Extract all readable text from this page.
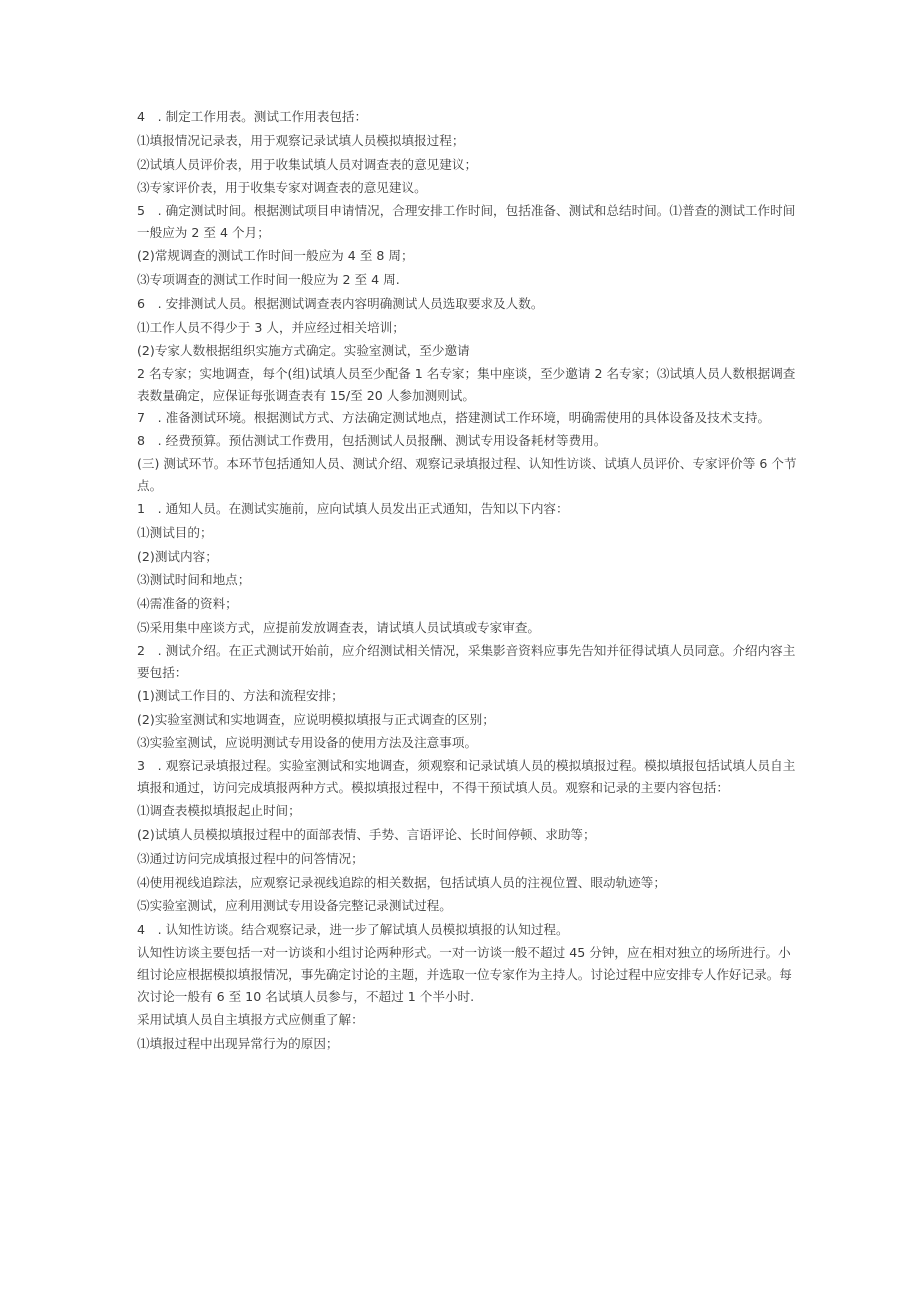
4　. 制定工作用表。测试工作用表包括：

⑴填报情况记录表，用于观察记录试填人员模拟填报过程；

⑵试填人员评价表，用于收集试填人员对调查表的意见建议；

⑶专家评价表，用于收集专家对调查表的意见建议。

5　. 确定测试时间。根据测试项目申请情况，合理安排工作时间，包括准备、测试和总结时间。⑴普查的测试工作时间一般应为 2 至 4 个月；

(2)常规调查的测试工作时间一般应为 4 至 8 周；

⑶专项调查的测试工作时间一般应为 2 至 4 周.

6　. 安排测试人员。根据测试调查表内容明确测试人员选取要求及人数。

⑴工作人员不得少于 3 人，并应经过相关培训；

(2)专家人数根据组织实施方式确定。实验室测试，至少邀请

2 名专家；实地调查，每个(组)试填人员至少配备 1 名专家；集中座谈，至少邀请 2 名专家；⑶试填人员人数根据调查表数量确定，应保证每张调查表有 15/至 20 人参加测则试。

7　. 准备测试环境。根据测试方式、方法确定测试地点，搭建测试工作环境，明确需使用的具体设备及技术支持。

8　. 经费预算。预估测试工作费用，包括测试人员报酬、测试专用设备耗材等费用。

(三) 测试环节。本环节包括通知人员、测试介绍、观察记录填报过程、认知性访谈、试填人员评价、专家评价等 6 个节点。

1　. 通知人员。在测试实施前，应向试填人员发出正式通知，告知以下内容：

⑴测试目的；

(2)测试内容；

⑶测试时间和地点；

⑷需准备的资料；

⑸采用集中座谈方式，应提前发放调查表，请试填人员试填或专家审查。

2　. 测试介绍。在正式测试开始前，应介绍测试相关情况，采集影音资料应事先告知并征得试填人员同意。介绍内容主要包括：

(1)测试工作目的、方法和流程安排；

(2)实验室测试和实地调查，应说明模拟填报与正式调查的区别；

⑶实验室测试，应说明测试专用设备的使用方法及注意事项。

3　. 观察记录填报过程。实验室测试和实地调查，须观察和记录试填人员的模拟填报过程。模拟填报包括试填人员自主填报和通过，访问完成填报两种方式。模拟填报过程中，不得干预试填人员。观察和记录的主要内容包括：

⑴调查表模拟填报起止时间；

(2)试填人员模拟填报过程中的面部表情、手势、言语评论、长时间停顿、求助等；

⑶通过访问完成填报过程中的问答情况；

⑷使用视线追踪法，应观察记录视线追踪的相关数据，包括试填人员的注视位置、眼动轨迹等；

⑸实验室测试，应利用测试专用设备完整记录测试过程。

4　. 认知性访谈。结合观察记录，进一步了解试填人员模拟填报的认知过程。

认知性访谈主要包括一对一访谈和小组讨论两种形式。一对一访谈一般不超过 45 分钟，应在相对独立的场所进行。小组讨论应根据模拟填报情况，事先确定讨论的主题，并选取一位专家作为主持人。讨论过程中应安排专人作好记录。每次讨论一般有 6 至 10 名试填人员参与，不超过 1 个半小时.

采用试填人员自主填报方式应侧重了解：

⑴填报过程中出现异常行为的原因；
